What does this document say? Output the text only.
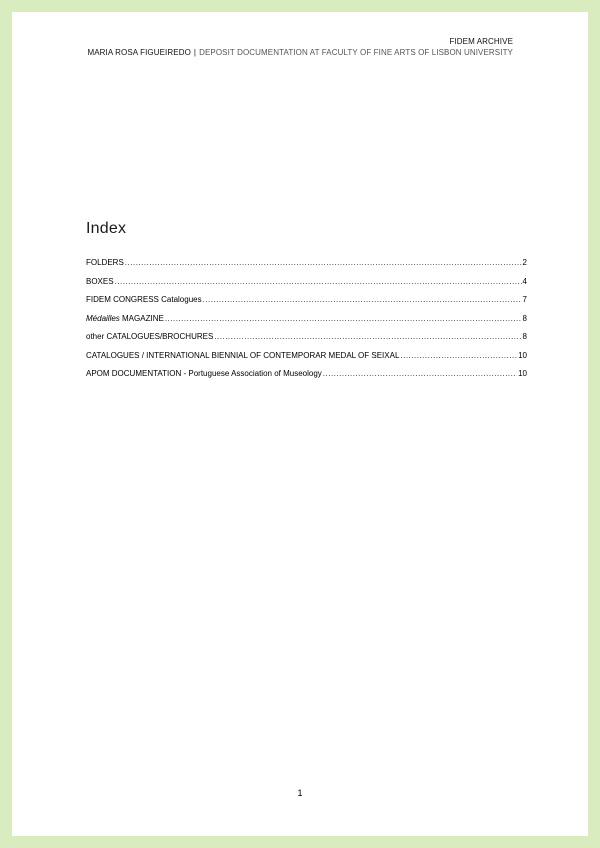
FIDEM ARCHIVE
MARIA ROSA FIGUEIREDO | DEPOSIT DOCUMENTATION AT FACULTY OF FINE ARTS OF LISBON UNIVERSITY
Index
FOLDERS .....	2
BOXES .....	4
FIDEM CONGRESS Catalogues .....	7
Médailles MAGAZINE .....	8
other CATALOGUES/BROCHURES .....	8
CATALOGUES / INTERNATIONAL BIENNIAL OF CONTEMPORAR MEDAL OF SEIXAL .....	10
APOM DOCUMENTATION - Portuguese Association of Museology .....	10
1
